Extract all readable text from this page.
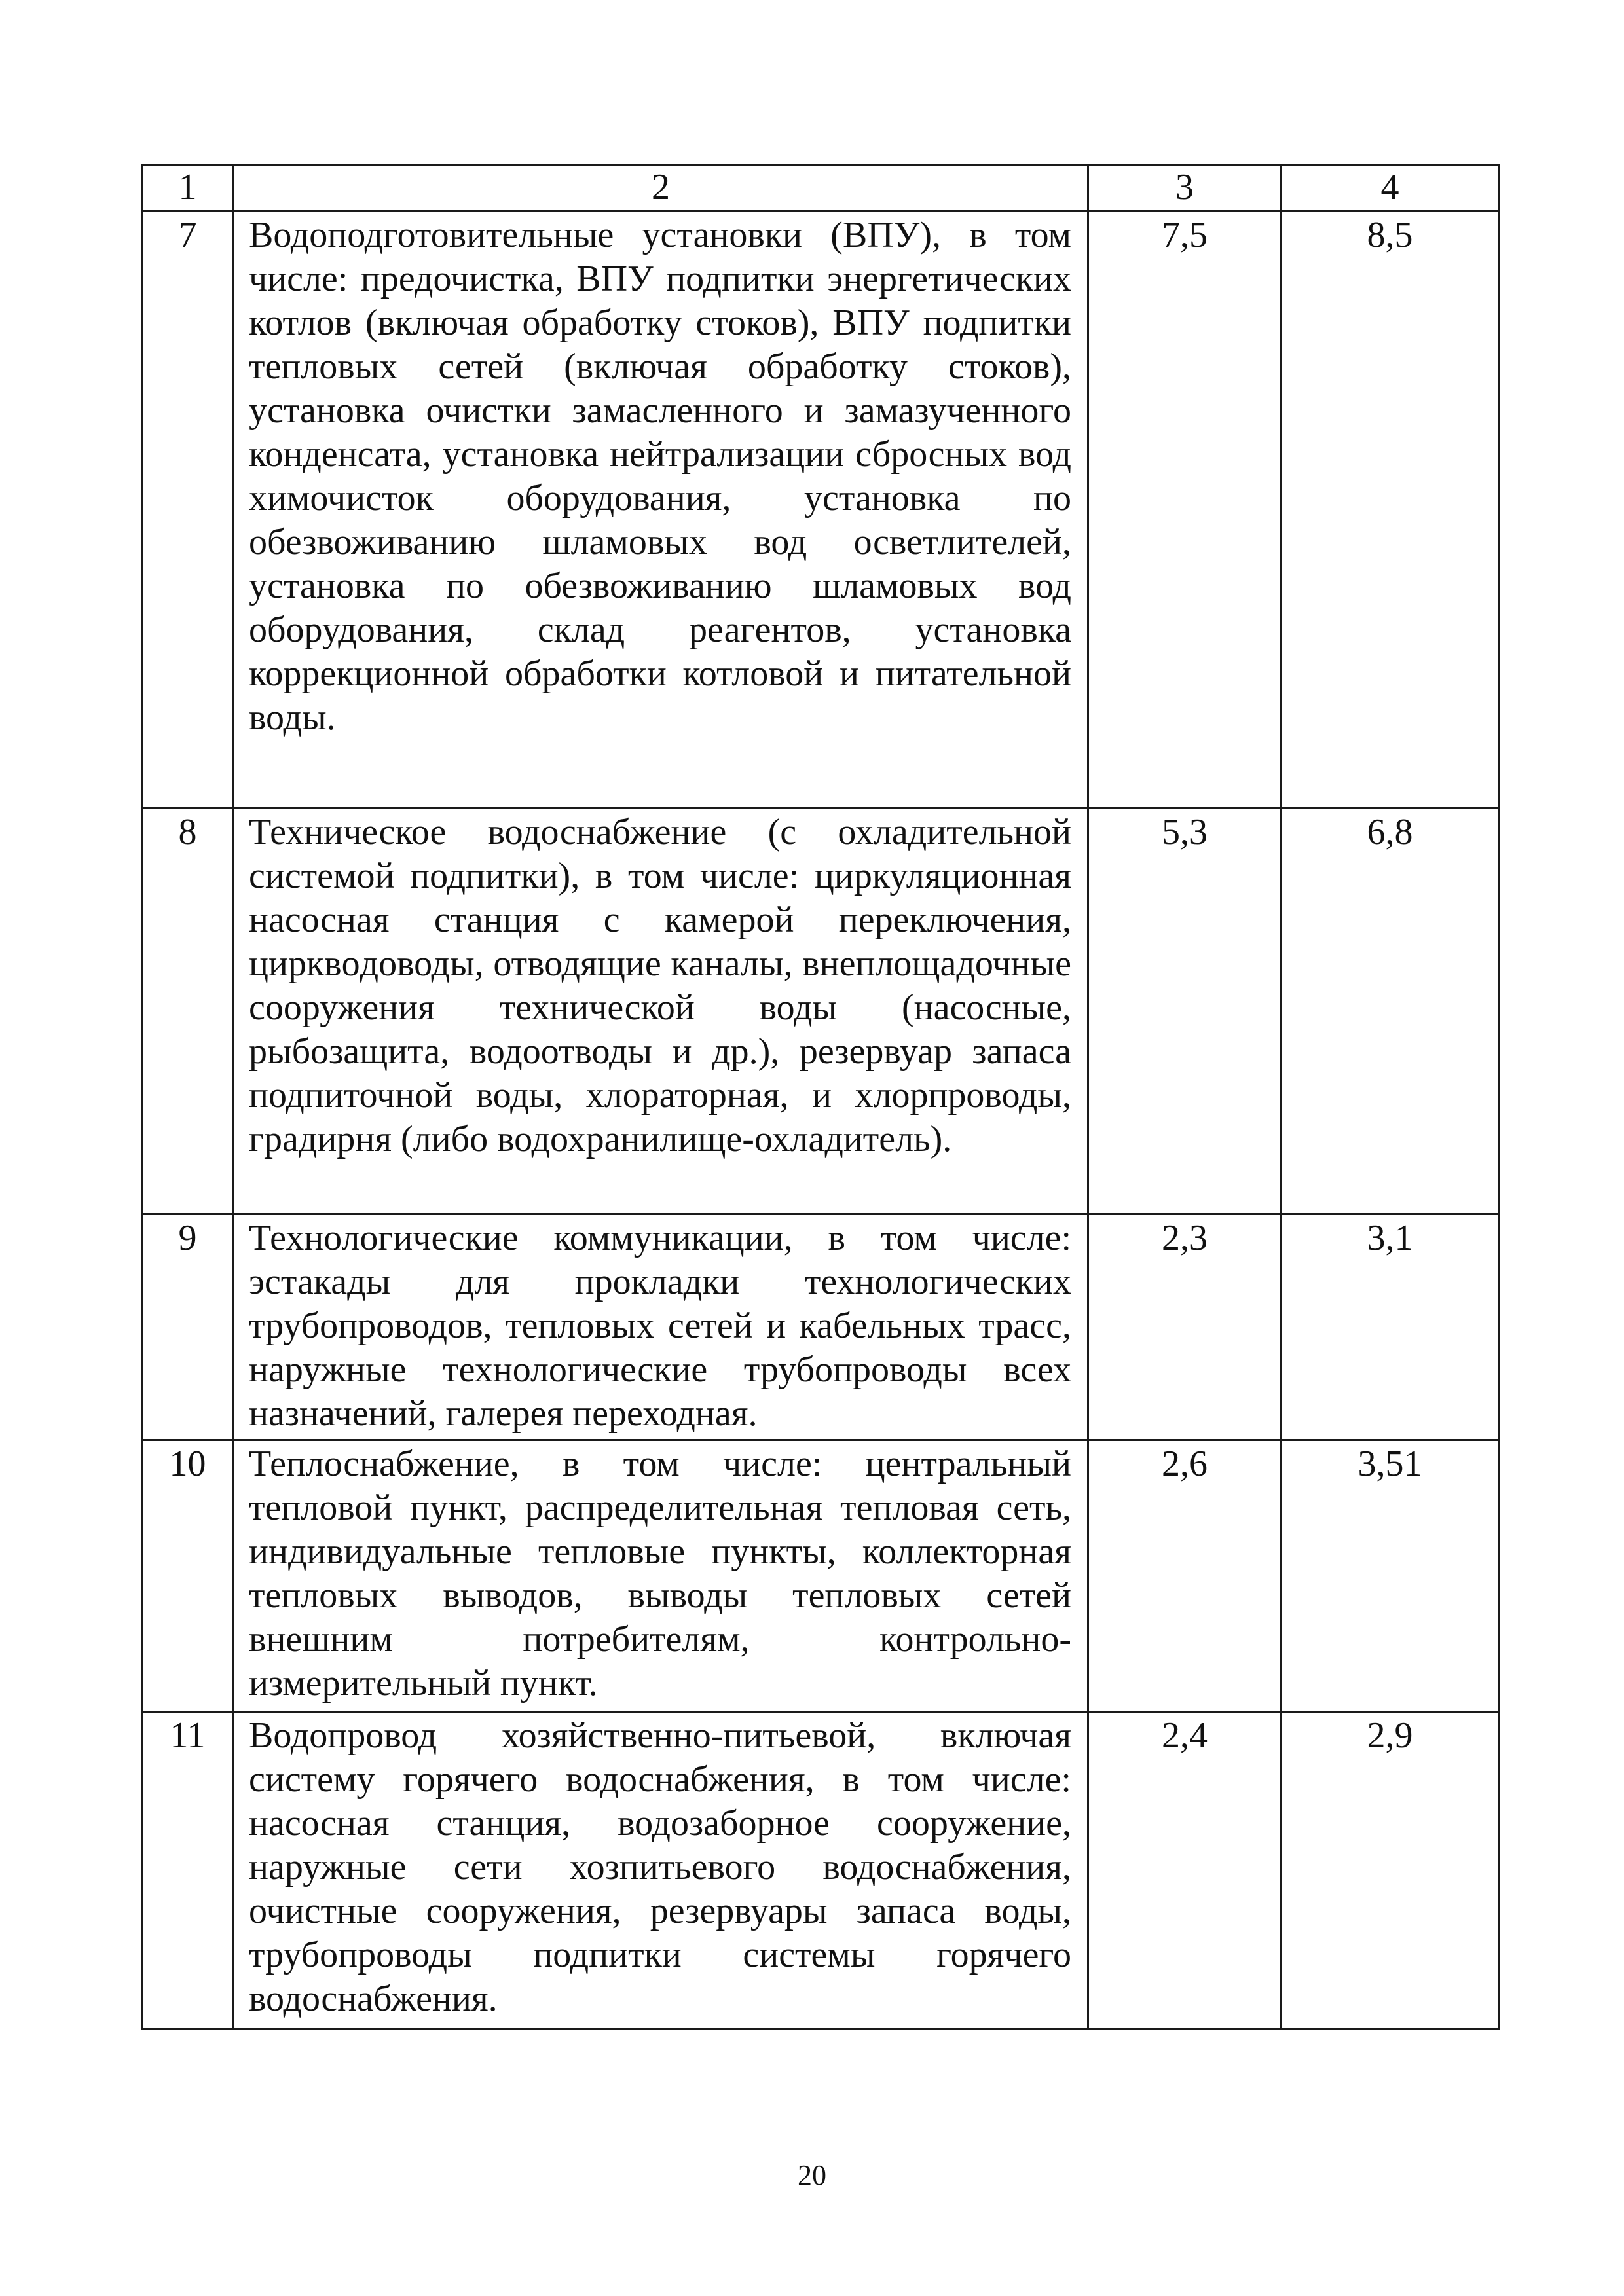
1	2	3	4
7	Водоподготовительные установки (ВПУ), в том числе: предочистка, ВПУ подпитки энергетических котлов (включая обработку стоков), ВПУ подпитки тепловых сетей (включая обработку стоков), установка очистки замасленного и замазученного конденсата, установка нейтрализации сбросных вод химочисток оборудования, установка по обезвоживанию шламовых вод осветлителей, установка по обезвоживанию шламовых вод оборудования, склад реагентов, установка коррекционной обработки котловой и питательной воды.	7,5	8,5
8	Техническое водоснабжение (с охладительной системой подпитки), в том числе: циркуляционная насосная станция с камерой переключения, цирквoдоводы, отводящие каналы, внеплощадочные сооружения технической воды (насосные, рыбозащита, водоотводы и др.), резервуар запаса подпиточной воды, хлораторная, и хлорпроводы, градирня (либо водохранилище-охладитель).	5,3	6,8
9	Технологические коммуникации, в том числе: эстакады для прокладки технологических трубопроводов, тепловых сетей и кабельных трасс, наружные технологические трубопроводы всех назначений, галерея переходная.	2,3	3,1
10	Теплоснабжение, в том числе: центральный тепловой пункт, распределительная тепловая сеть, индивидуальные тепловые пункты, коллекторная тепловых выводов, выводы тепловых сетей внешним потребителям, контрольно-измерительный пункт.	2,6	3,51
11	Водопровод хозяйственно-питьевой, включая систему горячего водоснабжения, в том числе: насосная станция, водозаборное сооружение, наружные сети хозпитьевого водоснабжения, очистные сооружения, резервуары запаса воды, трубопроводы подпитки системы горячего водоснабжения.	2,4	2,9
20
